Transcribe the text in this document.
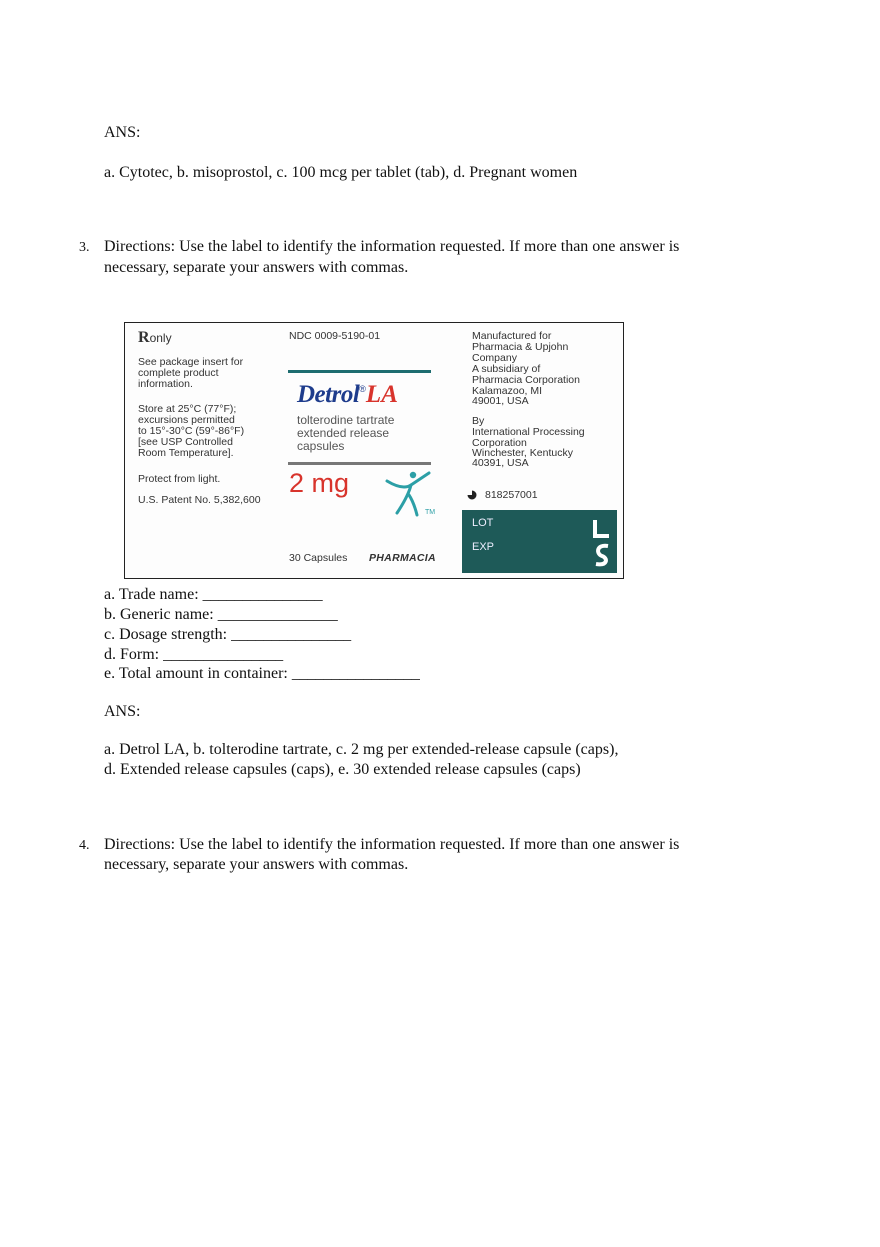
ANS:
a. Cytotec, b. misoprostol, c. 100 mcg per tablet (tab), d. Pregnant women
3. Directions: Use the label to identify the information requested. If more than one answer is
necessary, separate your answers with commas.
Ronly
See package insert for
complete product
information.
Store at 25°C (77°F);
excursions permitted
to 15°-30°C (59°-86°F)
[see USP Controlled
Room Temperature].
Protect from light.
U.S. Patent No. 5,382,600
NDC 0009-5190-01
Detrol®LA
tolterodine tartrate
extended release
capsules
2 mg
TM
30 Capsules PHARMACIA
Manufactured for
Pharmacia & Upjohn
Company
A subsidiary of
Pharmacia Corporation
Kalamazoo, MI
49001, USA
By
International Processing
Corporation
Winchester, Kentucky
40391, USA
818257001
LOT
EXP
a. Trade name: _______________
b. Generic name: _______________
c. Dosage strength: _______________
d. Form: _______________
e. Total amount in container: ________________
ANS:
a. Detrol LA, b. tolterodine tartrate, c. 2 mg per extended-release capsule (caps),
d. Extended release capsules (caps), e. 30 extended release capsules (caps)
4. Directions: Use the label to identify the information requested. If more than one answer is
necessary, separate your answers with commas.
